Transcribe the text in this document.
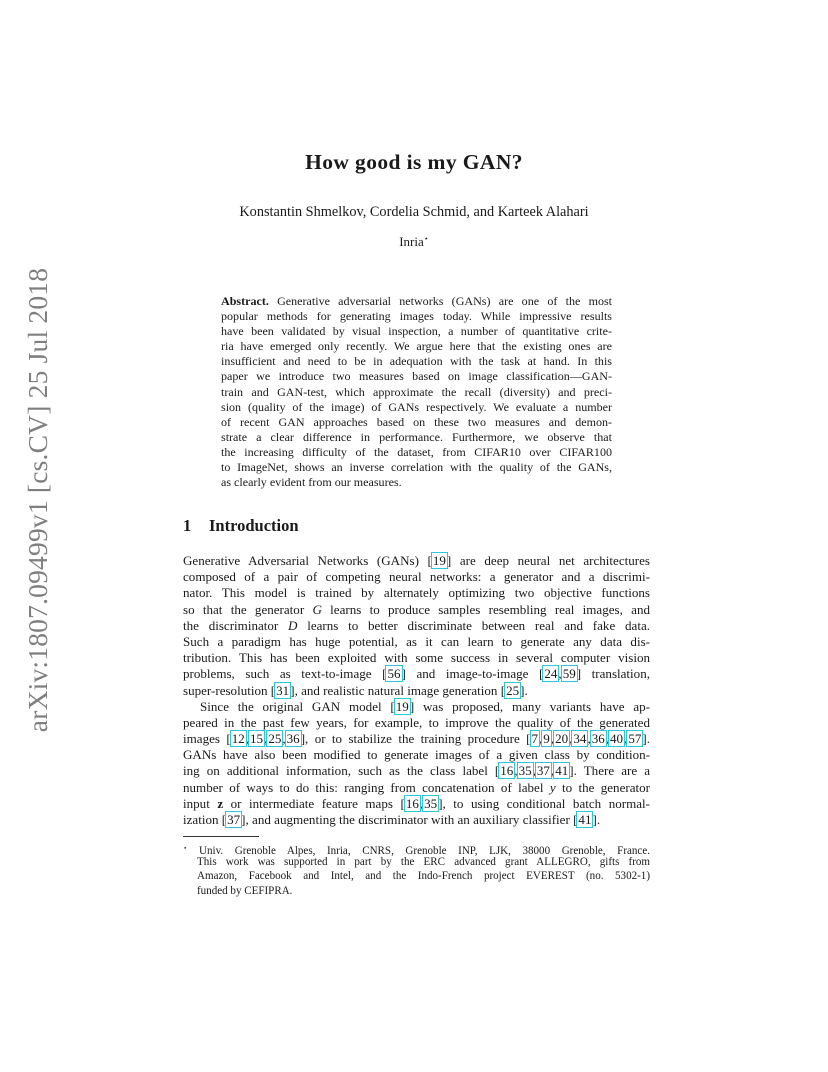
arXiv:1807.09499v1 [cs.CV] 25 Jul 2018
How good is my GAN?
Konstantin Shmelkov, Cordelia Schmid, and Karteek Alahari
Inria⋆
Abstract. Generative adversarial networks (GANs) are one of the most
popular methods for generating images today. While impressive results
have been validated by visual inspection, a number of quantitative crite-
ria have emerged only recently. We argue here that the existing ones are
insufficient and need to be in adequation with the task at hand. In this
paper we introduce two measures based on image classification—GAN-
train and GAN-test, which approximate the recall (diversity) and preci-
sion (quality of the image) of GANs respectively. We evaluate a number
of recent GAN approaches based on these two measures and demon-
strate a clear difference in performance. Furthermore, we observe that
the increasing difficulty of the dataset, from CIFAR10 over CIFAR100
to ImageNet, shows an inverse correlation with the quality of the GANs,
as clearly evident from our measures.
1 Introduction
Generative Adversarial Networks (GANs) [19] are deep neural net architectures
composed of a pair of competing neural networks: a generator and a discrimi-
nator. This model is trained by alternately optimizing two objective functions
so that the generator G learns to produce samples resembling real images, and
the discriminator D learns to better discriminate between real and fake data.
Such a paradigm has huge potential, as it can learn to generate any data dis-
tribution. This has been exploited with some success in several computer vision
problems, such as text-to-image [56] and image-to-image [24,59] translation,
super-resolution [31], and realistic natural image generation [25].
Since the original GAN model [19] was proposed, many variants have ap-
peared in the past few years, for example, to improve the quality of the generated
images [12,15,25,36], or to stabilize the training procedure [7,9,20,34,36,40,57].
GANs have also been modified to generate images of a given class by condition-
ing on additional information, such as the class label [16,35,37,41]. There are a
number of ways to do this: ranging from concatenation of label y to the generator
input z or intermediate feature maps [16,35], to using conditional batch normal-
ization [37], and augmenting the discriminator with an auxiliary classifier [41].
⋆ Univ. Grenoble Alpes, Inria, CNRS, Grenoble INP, LJK, 38000 Grenoble, France.
This work was supported in part by the ERC advanced grant ALLEGRO, gifts from
Amazon, Facebook and Intel, and the Indo-French project EVEREST (no. 5302-1)
funded by CEFIPRA.
